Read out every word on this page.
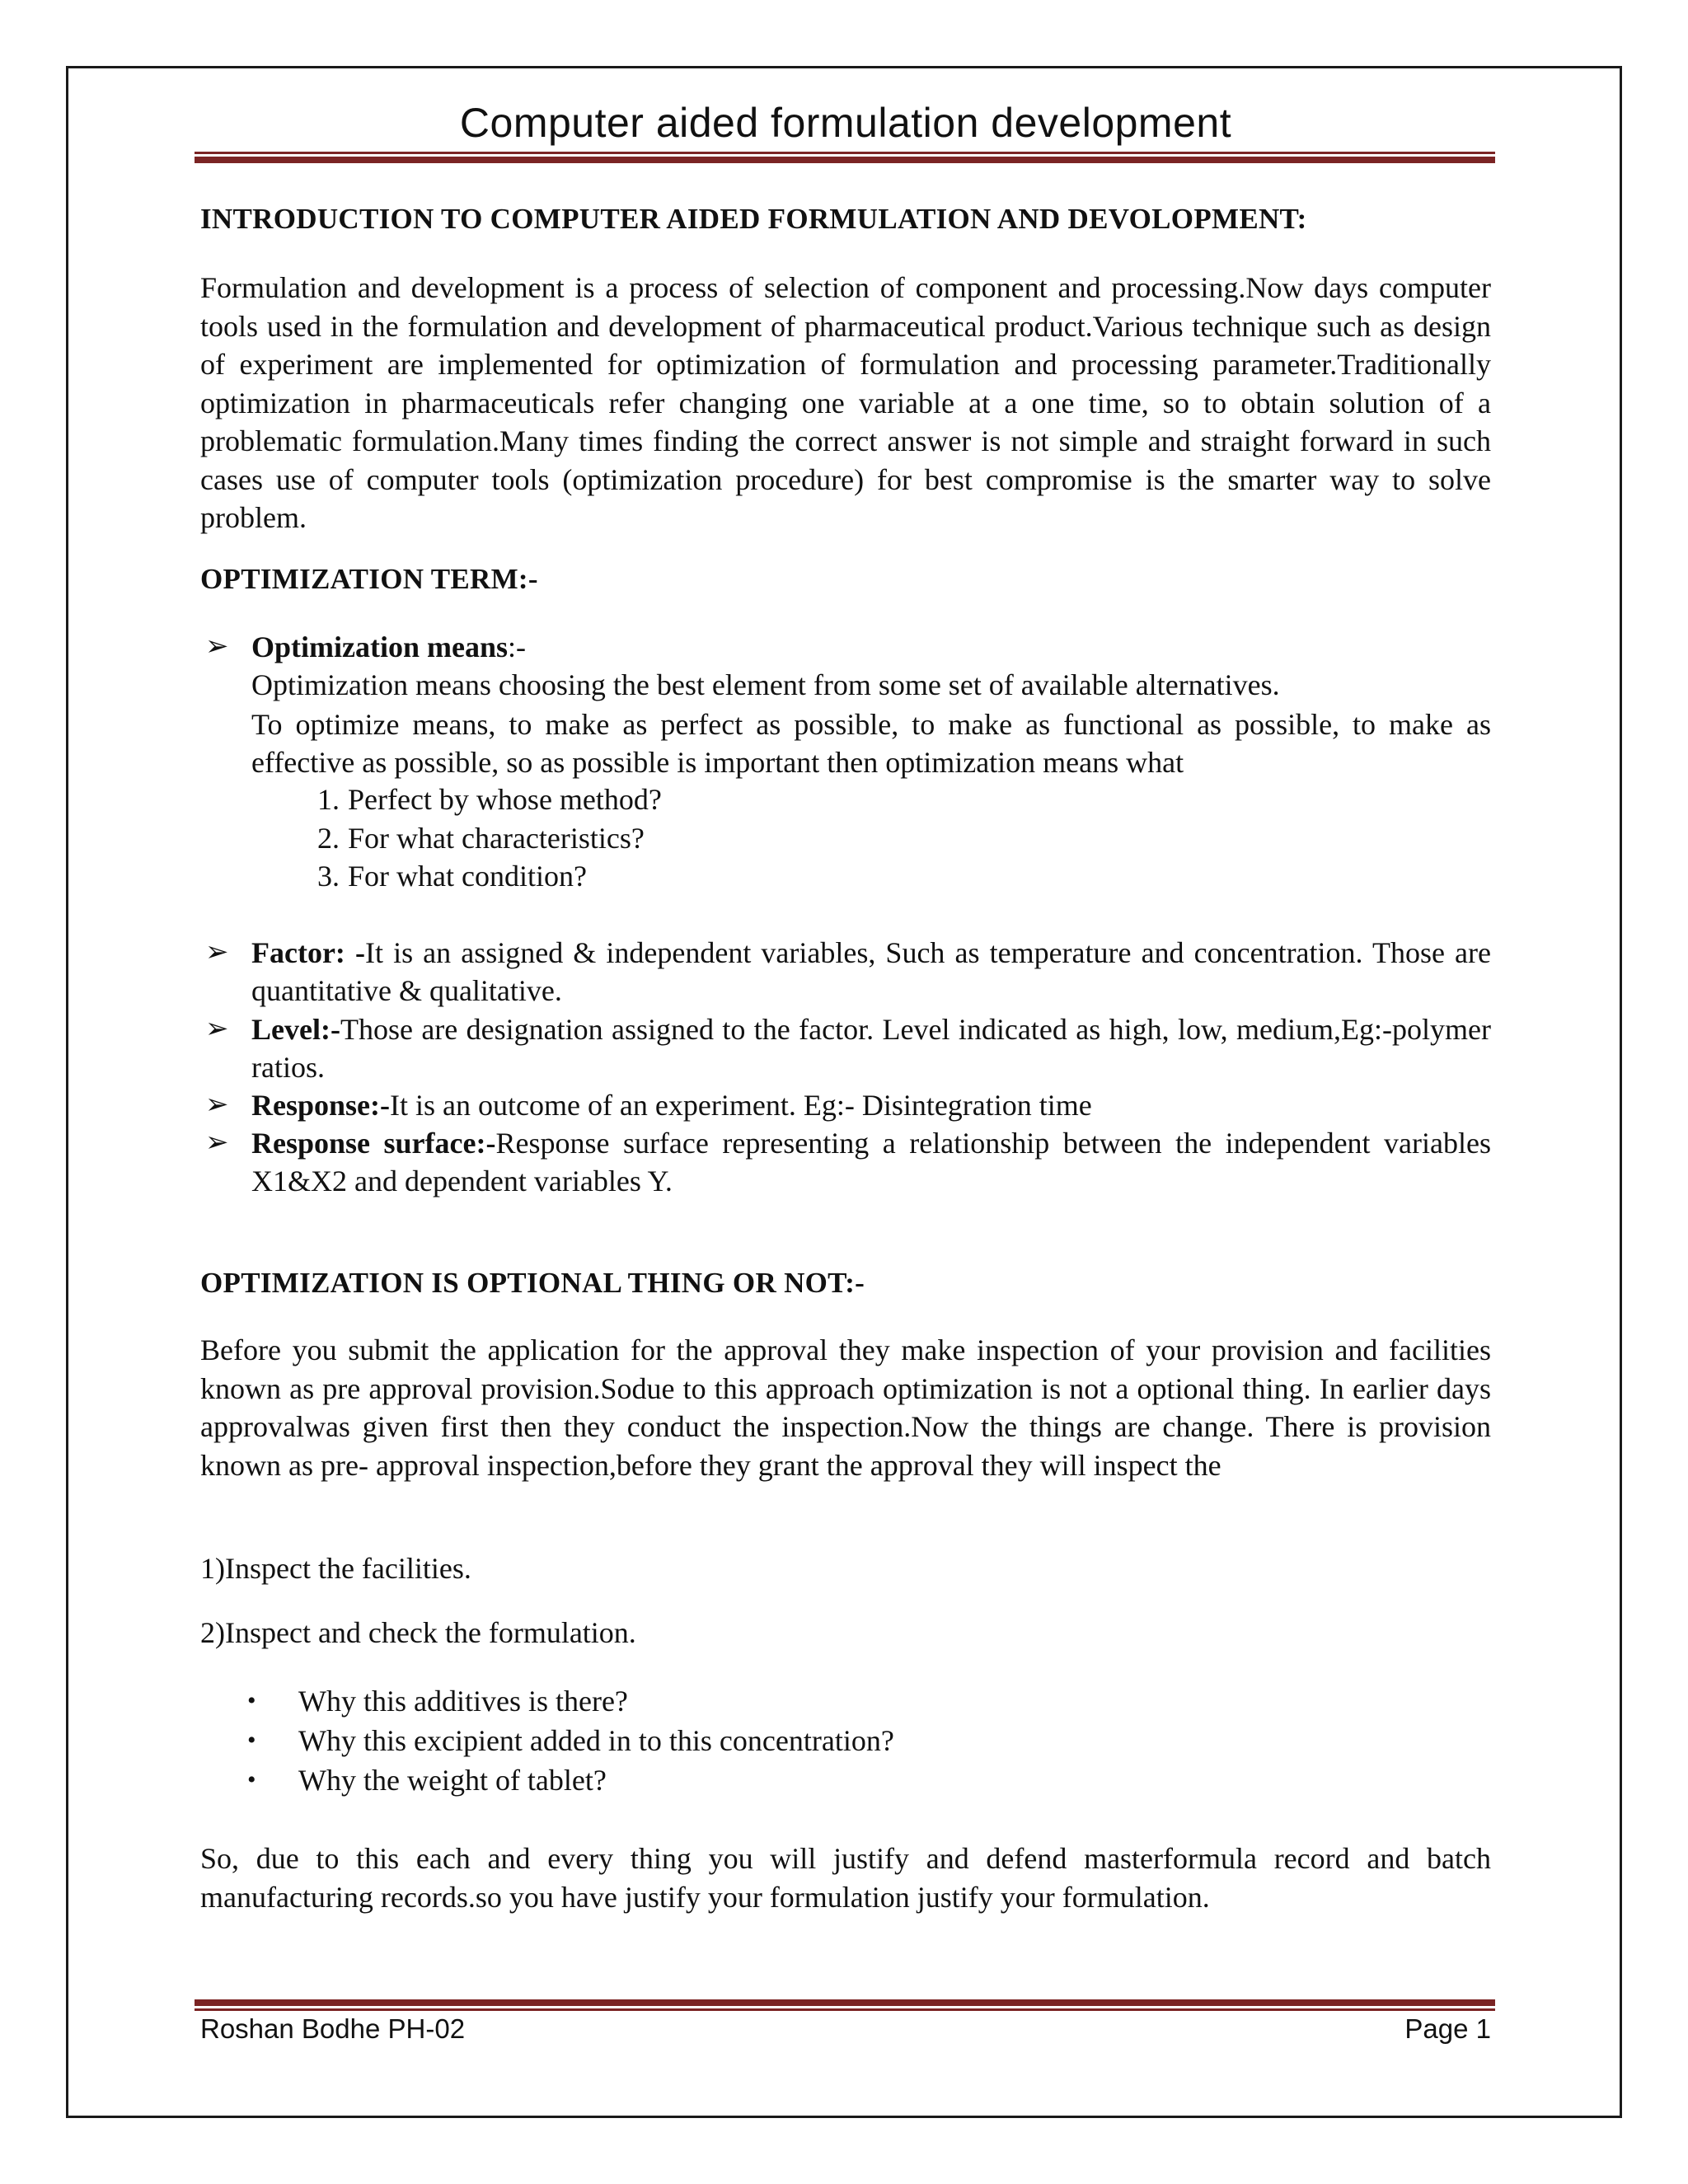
Computer aided formulation development
INTRODUCTION TO COMPUTER AIDED FORMULATION AND DEVOLOPMENT:
Formulation and development is a process of selection of component and processing.Now days computer tools used in the formulation and development of pharmaceutical product.Various technique such as design of experiment are implemented for optimization of formulation and processing parameter.Traditionally optimization in pharmaceuticals refer changing one variable at a one time, so to obtain solution of a problematic formulation.Many times finding the correct answer is not simple and straight forward in such cases use of computer tools (optimization procedure) for best compromise is the smarter way to solve problem.
OPTIMIZATION TERM:-
➢ Optimization means:-
Optimization means choosing the best element from some set of available alternatives.
To optimize means, to make as perfect as possible, to make as functional as possible, to make as effective as possible, so as possible is important then optimization means what
1. Perfect by whose method?
2. For what characteristics?
3. For what condition?
➢ Factor: -It is an assigned & independent variables, Such as temperature and concentration. Those are quantitative & qualitative.
➢ Level:-Those are designation assigned to the factor. Level indicated as high, low, medium,Eg:-polymer ratios.
➢ Response:-It is an outcome of an experiment. Eg:- Disintegration time
➢ Response surface:-Response surface representing a relationship between the independent variables X1&X2 and dependent variables Y.
OPTIMIZATION IS OPTIONAL THING OR NOT:-
Before you submit the application for the approval they make inspection of your provision and facilities known as pre approval provision.Sodue to this approach optimization is not a optional thing. In earlier days approvalwas given first then they conduct the inspection.Now the things are change. There is provision known as pre- approval inspection,before they grant the approval they will inspect the
1)Inspect the facilities.
2)Inspect and check the formulation.
• Why this additives is there?
• Why this excipient added in to this concentration?
• Why the weight of tablet?
So, due to this each and every thing you will justify and defend masterformula record and batch manufacturing records.so you have justify your formulation justify your formulation.
Roshan Bodhe PH-02	Page 1
